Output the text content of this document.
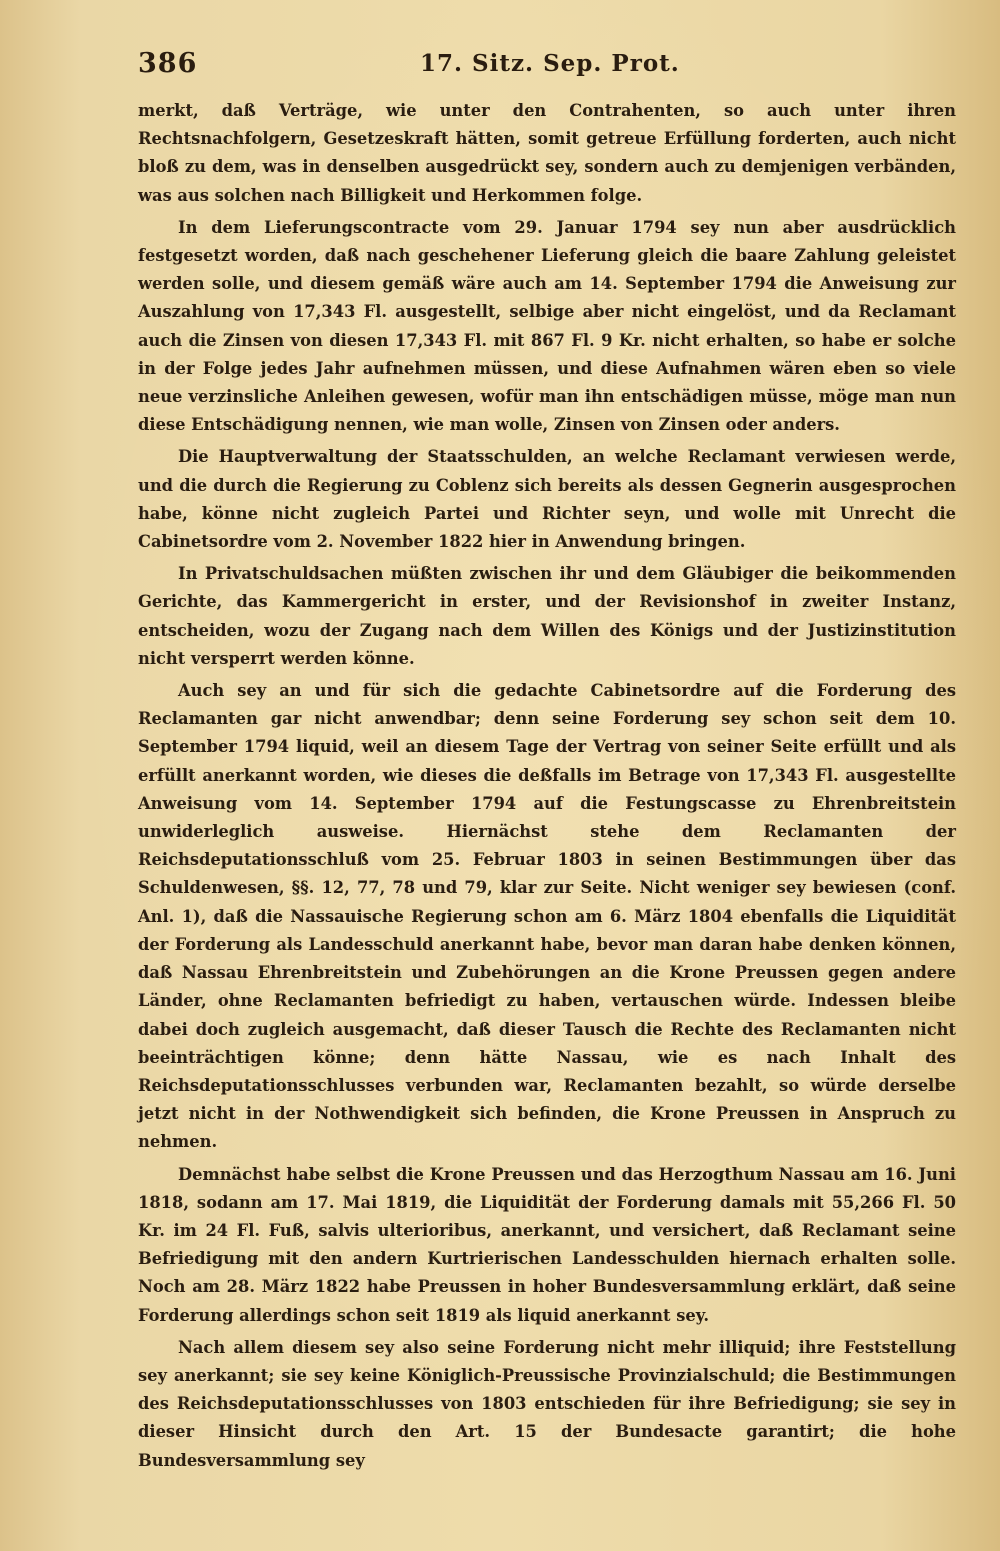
386	17. Sitz. Sep. Prot.

merkt, daß Verträge, wie unter den Contrahenten, so auch unter ihren Rechtsnachfolgern, Gesetzeskraft hätten, somit getreue Erfüllung forderten, auch nicht bloß zu dem, was in denselben ausgedrückt sey, sondern auch zu demjenigen verbänden, was aus solchen nach Billigkeit und Herkommen folge.

In dem Lieferungscontracte vom 29. Januar 1794 sey nun aber ausdrücklich festgesetzt worden, daß nach geschehener Lieferung gleich die baare Zahlung geleistet werden solle, und diesem gemäß wäre auch am 14. September 1794 die Anweisung zur Auszahlung von 17,343 Fl. ausgestellt, selbige aber nicht eingelöst, und da Reclamant auch die Zinsen von diesen 17,343 Fl. mit 867 Fl. 9 Kr. nicht erhalten, so habe er solche in der Folge jedes Jahr aufnehmen müssen, und diese Aufnahmen wären eben so viele neue verzinsliche Anleihen gewesen, wofür man ihn entschädigen müsse, möge man nun diese Entschädigung nennen, wie man wolle, Zinsen von Zinsen oder anders.

Die Hauptverwaltung der Staatsschulden, an welche Reclamant verwiesen werde, und die durch die Regierung zu Coblenz sich bereits als dessen Gegnerin ausgesprochen habe, könne nicht zugleich Partei und Richter seyn, und wolle mit Unrecht die Cabinetsordre vom 2. November 1822 hier in Anwendung bringen.

In Privatschuldsachen müßten zwischen ihr und dem Gläubiger die beikommenden Gerichte, das Kammergericht in erster, und der Revisionshof in zweiter Instanz, entscheiden, wozu der Zugang nach dem Willen des Königs und der Justizinstitution nicht versperrt werden könne.

Auch sey an und für sich die gedachte Cabinetsordre auf die Forderung des Reclamanten gar nicht anwendbar; denn seine Forderung sey schon seit dem 10. September 1794 liquid, weil an diesem Tage der Vertrag von seiner Seite erfüllt und als erfüllt anerkannt worden, wie dieses die deßfalls im Betrage von 17,343 Fl. ausgestellte Anweisung vom 14. September 1794 auf die Festungscasse zu Ehrenbreitstein unwiderleglich ausweise. Hiernächst stehe dem Reclamanten der Reichsdeputationsschluß vom 25. Februar 1803 in seinen Bestimmungen über das Schuldenwesen, §§. 12, 77, 78 und 79, klar zur Seite. Nicht weniger sey bewiesen (conf. Anl. 1), daß die Nassauische Regierung schon am 6. März 1804 ebenfalls die Liquidität der Forderung als Landesschuld anerkannt habe, bevor man daran habe denken können, daß Nassau Ehrenbreitstein und Zubehörungen an die Krone Preussen gegen andere Länder, ohne Reclamanten befriedigt zu haben, vertauschen würde. Indessen bleibe dabei doch zugleich ausgemacht, daß dieser Tausch die Rechte des Reclamanten nicht beeinträchtigen könne; denn hätte Nassau, wie es nach Inhalt des Reichsdeputationsschlusses verbunden war, Reclamanten bezahlt, so würde derselbe jetzt nicht in der Nothwendigkeit sich befinden, die Krone Preussen in Anspruch zu nehmen.

Demnächst habe selbst die Krone Preussen und das Herzogthum Nassau am 16. Juni 1818, sodann am 17. Mai 1819, die Liquidität der Forderung damals mit 55,266 Fl. 50 Kr. im 24 Fl. Fuß, salvis ulterioribus, anerkannt, und versichert, daß Reclamant seine Befriedigung mit den andern Kurtrierischen Landesschulden hiernach erhalten solle. Noch am 28. März 1822 habe Preussen in hoher Bundesversammlung erklärt, daß seine Forderung allerdings schon seit 1819 als liquid anerkannt sey.

Nach allem diesem sey also seine Forderung nicht mehr illiquid; ihre Feststellung sey anerkannt; sie sey keine Königlich-Preussische Provinzialschuld; die Bestimmungen des Reichsdeputationsschlusses von 1803 entschieden für ihre Befriedigung; sie sey in dieser Hinsicht durch den Art. 15 der Bundesacte garantirt; die hohe Bundesversammlung sey
